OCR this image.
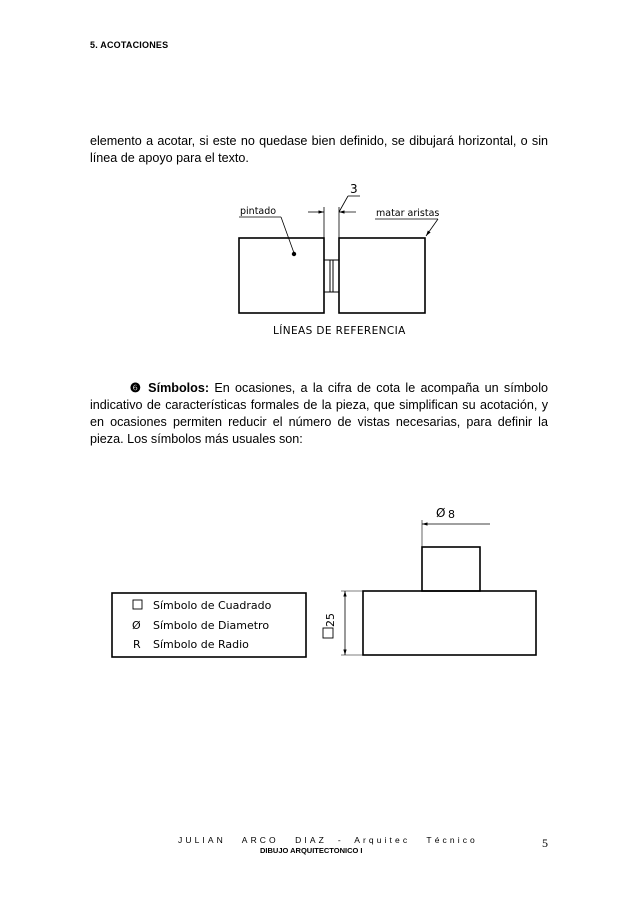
5. ACOTACIONES
elemento a acotar, si este no quedase bien definido, se dibujará horizontal, o sin línea de apoyo para el texto.
3
pintado	matar aristas
LÍNEAS DE REFERENCIA
Símbolo de Cuadrado
Ø Símbolo de Diametro
R Símbolo de Radio
Ø 8
25
❻ Símbolos: En ocasiones, a la cifra de cota le acompaña un símbolo indicativo de características formales de la pieza, que simplifican su acotación, y en ocasiones permiten reducir el número de vistas necesarias, para definir la pieza. Los símbolos más usuales son:
JULIAN   ARCO   DIAZ  -  Arquitec   Técnico
DIBUJO ARQUITECTONICO I
5
